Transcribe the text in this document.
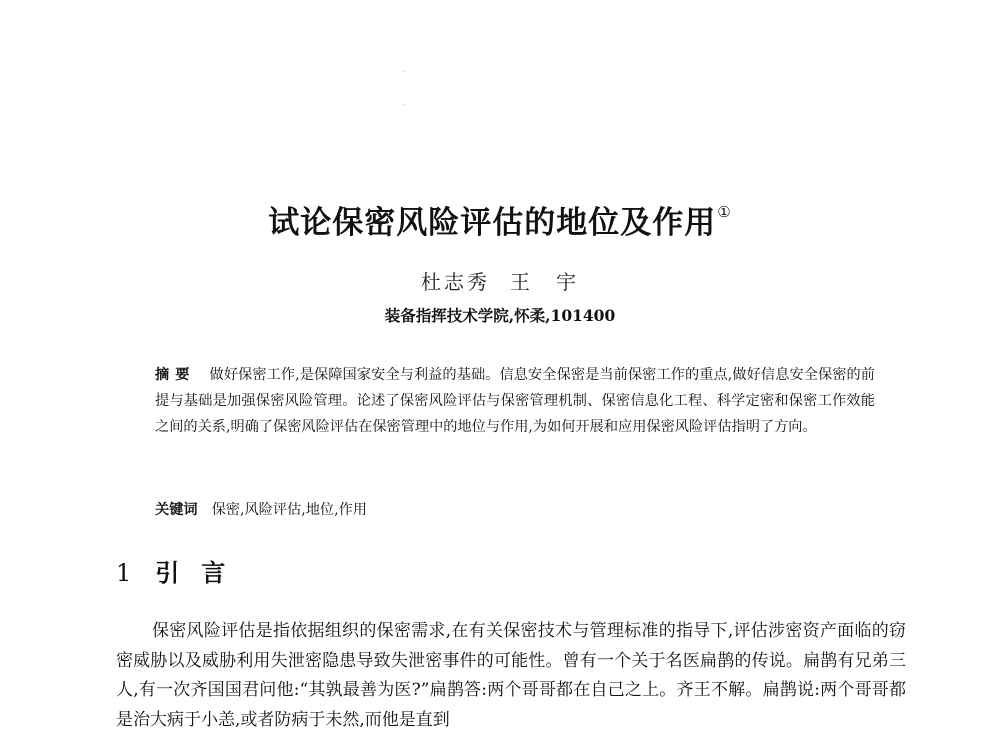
试论保密风险评估的地位及作用①
杜志秀 王　宇
装备指挥技术学院,怀柔,101400

摘要 做好保密工作,是保障国家安全与利益的基础。信息安全保密是当前保密工作的重点,做好信息安全保密的前提与基础是加强保密风险管理。论述了保密风险评估与保密管理机制、保密信息化工程、科学定密和保密工作效能之间的关系,明确了保密风险评估在保密管理中的地位与作用,为如何开展和应用保密风险评估指明了方向。

关键词 保密,风险评估,地位,作用

1 引言

保密风险评估是指依据组织的保密需求,在有关保密技术与管理标准的指导下,评估涉密资产面临的窃密威胁以及威胁利用失泄密隐患导致失泄密事件的可能性。曾有一个关于名医扁鹊的传说。扁鹊有兄弟三人,有一次齐国国君问他:“其孰最善为医?”扁鹊答:两个哥哥都在自己之上。齐王不解。扁鹊说:两个哥哥都是治大病于小恙,或者防病于未然,而他是直到
